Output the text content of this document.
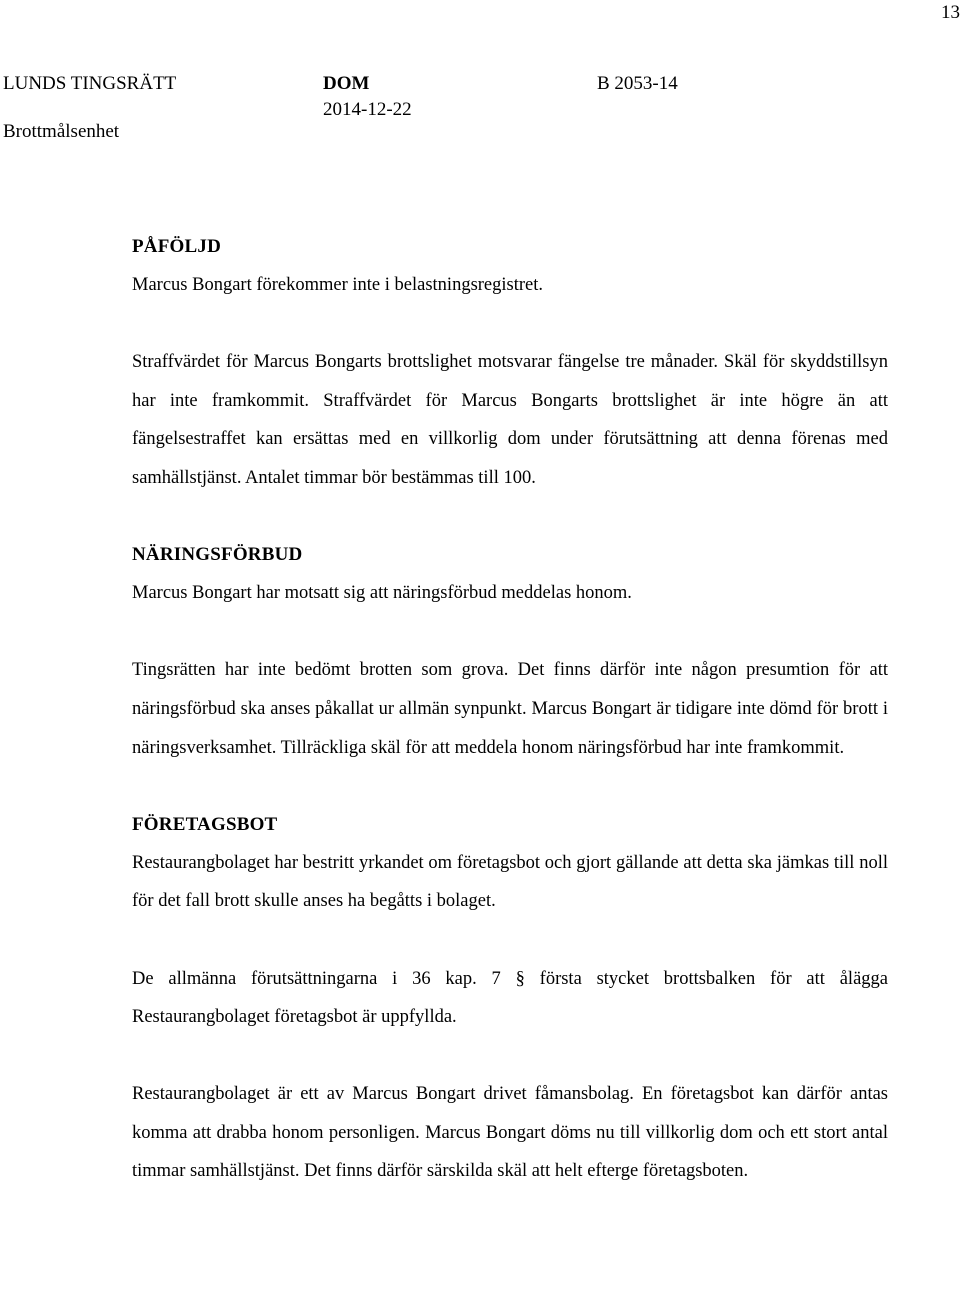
13
LUNDS TINGSRÄTT	DOM	B 2053-14
2014-12-22
Brottmålsenhet
PÅFÖLJD

Marcus Bongart förekommer inte i belastningsregistret.

Straffvärdet för Marcus Bongarts brottslighet motsvarar fängelse tre månader. Skäl för skyddstillsyn har inte framkommit. Straffvärdet för Marcus Bongarts brottslighet är inte högre än att fängelsestraffet kan ersättas med en villkorlig dom under förutsättning att denna förenas med samhällstjänst. Antalet timmar bör bestämmas till 100.

NÄRINGSFÖRBUD

Marcus Bongart har motsatt sig att näringsförbud meddelas honom.

Tingsrätten har inte bedömt brotten som grova. Det finns därför inte någon presumtion för att näringsförbud ska anses påkallat ur allmän synpunkt. Marcus Bongart är tidigare inte dömd för brott i näringsverksamhet. Tillräckliga skäl för att meddela honom näringsförbud har inte framkommit.

FÖRETAGSBOT

Restaurangbolaget har bestritt yrkandet om företagsbot och gjort gällande att detta ska jämkas till noll för det fall brott skulle anses ha begåtts i bolaget.

De allmänna förutsättningarna i 36 kap. 7 § första stycket brottsbalken för att ålägga Restaurangbolaget företagsbot är uppfyllda.

Restaurangbolaget är ett av Marcus Bongart drivet fåmansbolag. En företagsbot kan därför antas komma att drabba honom personligen. Marcus Bongart döms nu till villkorlig dom och ett stort antal timmar samhällstjänst. Det finns därför särskilda skäl att helt efterge företagsboten.
